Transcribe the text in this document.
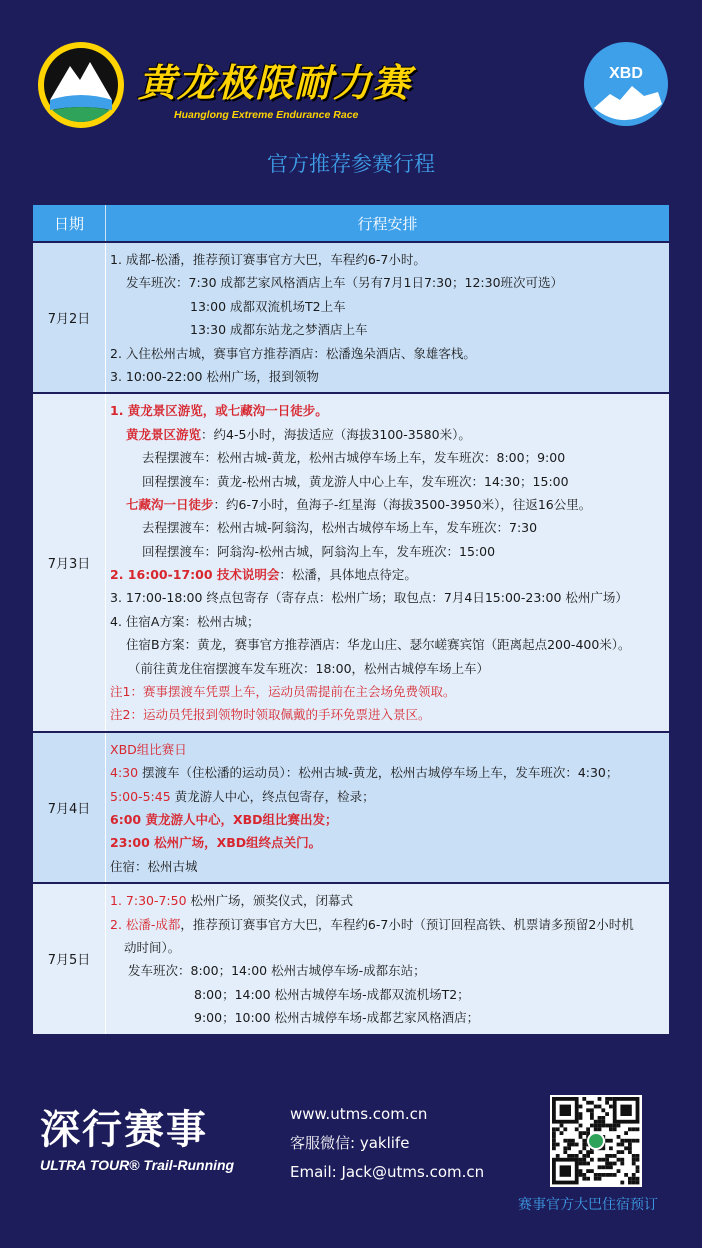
黄龙极限耐力赛
Huanglong Extreme Endurance Race
XBD
官方推荐参赛行程
日期	行程安排
7月2日
1. 成都-松潘，推荐预订赛事官方大巴，车程约6-7小时。
发车班次：7:30 成都艺家风格酒店上车（另有7月1日7:30；12:30班次可选）
13:00 成都双流机场T2上车
13:30 成都东站龙之梦酒店上车
2. 入住松州古城，赛事官方推荐酒店：松潘逸朵酒店、象雄客栈。
3. 10:00-22:00 松州广场，报到领物
7月3日
1. 黄龙景区游览，或七藏沟一日徒步。
黄龙景区游览：约4-5小时，海拔适应（海拔3100-3580米）。
去程摆渡车：松州古城-黄龙，松州古城停车场上车，发车班次：8:00；9:00
回程摆渡车：黄龙-松州古城，黄龙游人中心上车，发车班次：14:30；15:00
七藏沟一日徒步：约6-7小时，鱼海子-红星海（海拔3500-3950米），往返16公里。
去程摆渡车：松州古城-阿翁沟，松州古城停车场上车，发车班次：7:30
回程摆渡车：阿翁沟-松州古城，阿翁沟上车，发车班次：15:00
2. 16:00-17:00 技术说明会：松潘，具体地点待定。
3. 17:00-18:00 终点包寄存（寄存点：松州广场；取包点：7月4日15:00-23:00 松州广场）
4. 住宿A方案：松州古城；
住宿B方案：黄龙，赛事官方推荐酒店：华龙山庄、瑟尔嵯赛宾馆（距离起点200-400米）。
（前往黄龙住宿摆渡车发车班次：18:00，松州古城停车场上车）
注1：赛事摆渡车凭票上车，运动员需提前在主会场免费领取。
注2：运动员凭报到领物时领取佩戴的手环免票进入景区。
7月4日
XBD组比赛日
4:30 摆渡车（住松潘的运动员）：松州古城-黄龙，松州古城停车场上车，发车班次：4:30；
5:00-5:45 黄龙游人中心，终点包寄存，检录；
6:00 黄龙游人中心，XBD组比赛出发；
23:00 松州广场，XBD组终点关门。
住宿：松州古城
7月5日
1. 7:30-7:50 松州广场，颁奖仪式，闭幕式
2. 松潘-成都，推荐预订赛事官方大巴，车程约6-7小时（预订回程高铁、机票请多预留2小时机
动时间）。
发车班次：8:00；14:00 松州古城停车场-成都东站；
8:00；14:00 松州古城停车场-成都双流机场T2；
9:00；10:00 松州古城停车场-成都艺家风格酒店；
深行赛事
ULTRA TOUR® Trail-Running
www.utms.com.cn
客服微信: yaklife
Email: Jack@utms.com.cn
赛事官方大巴住宿预订
